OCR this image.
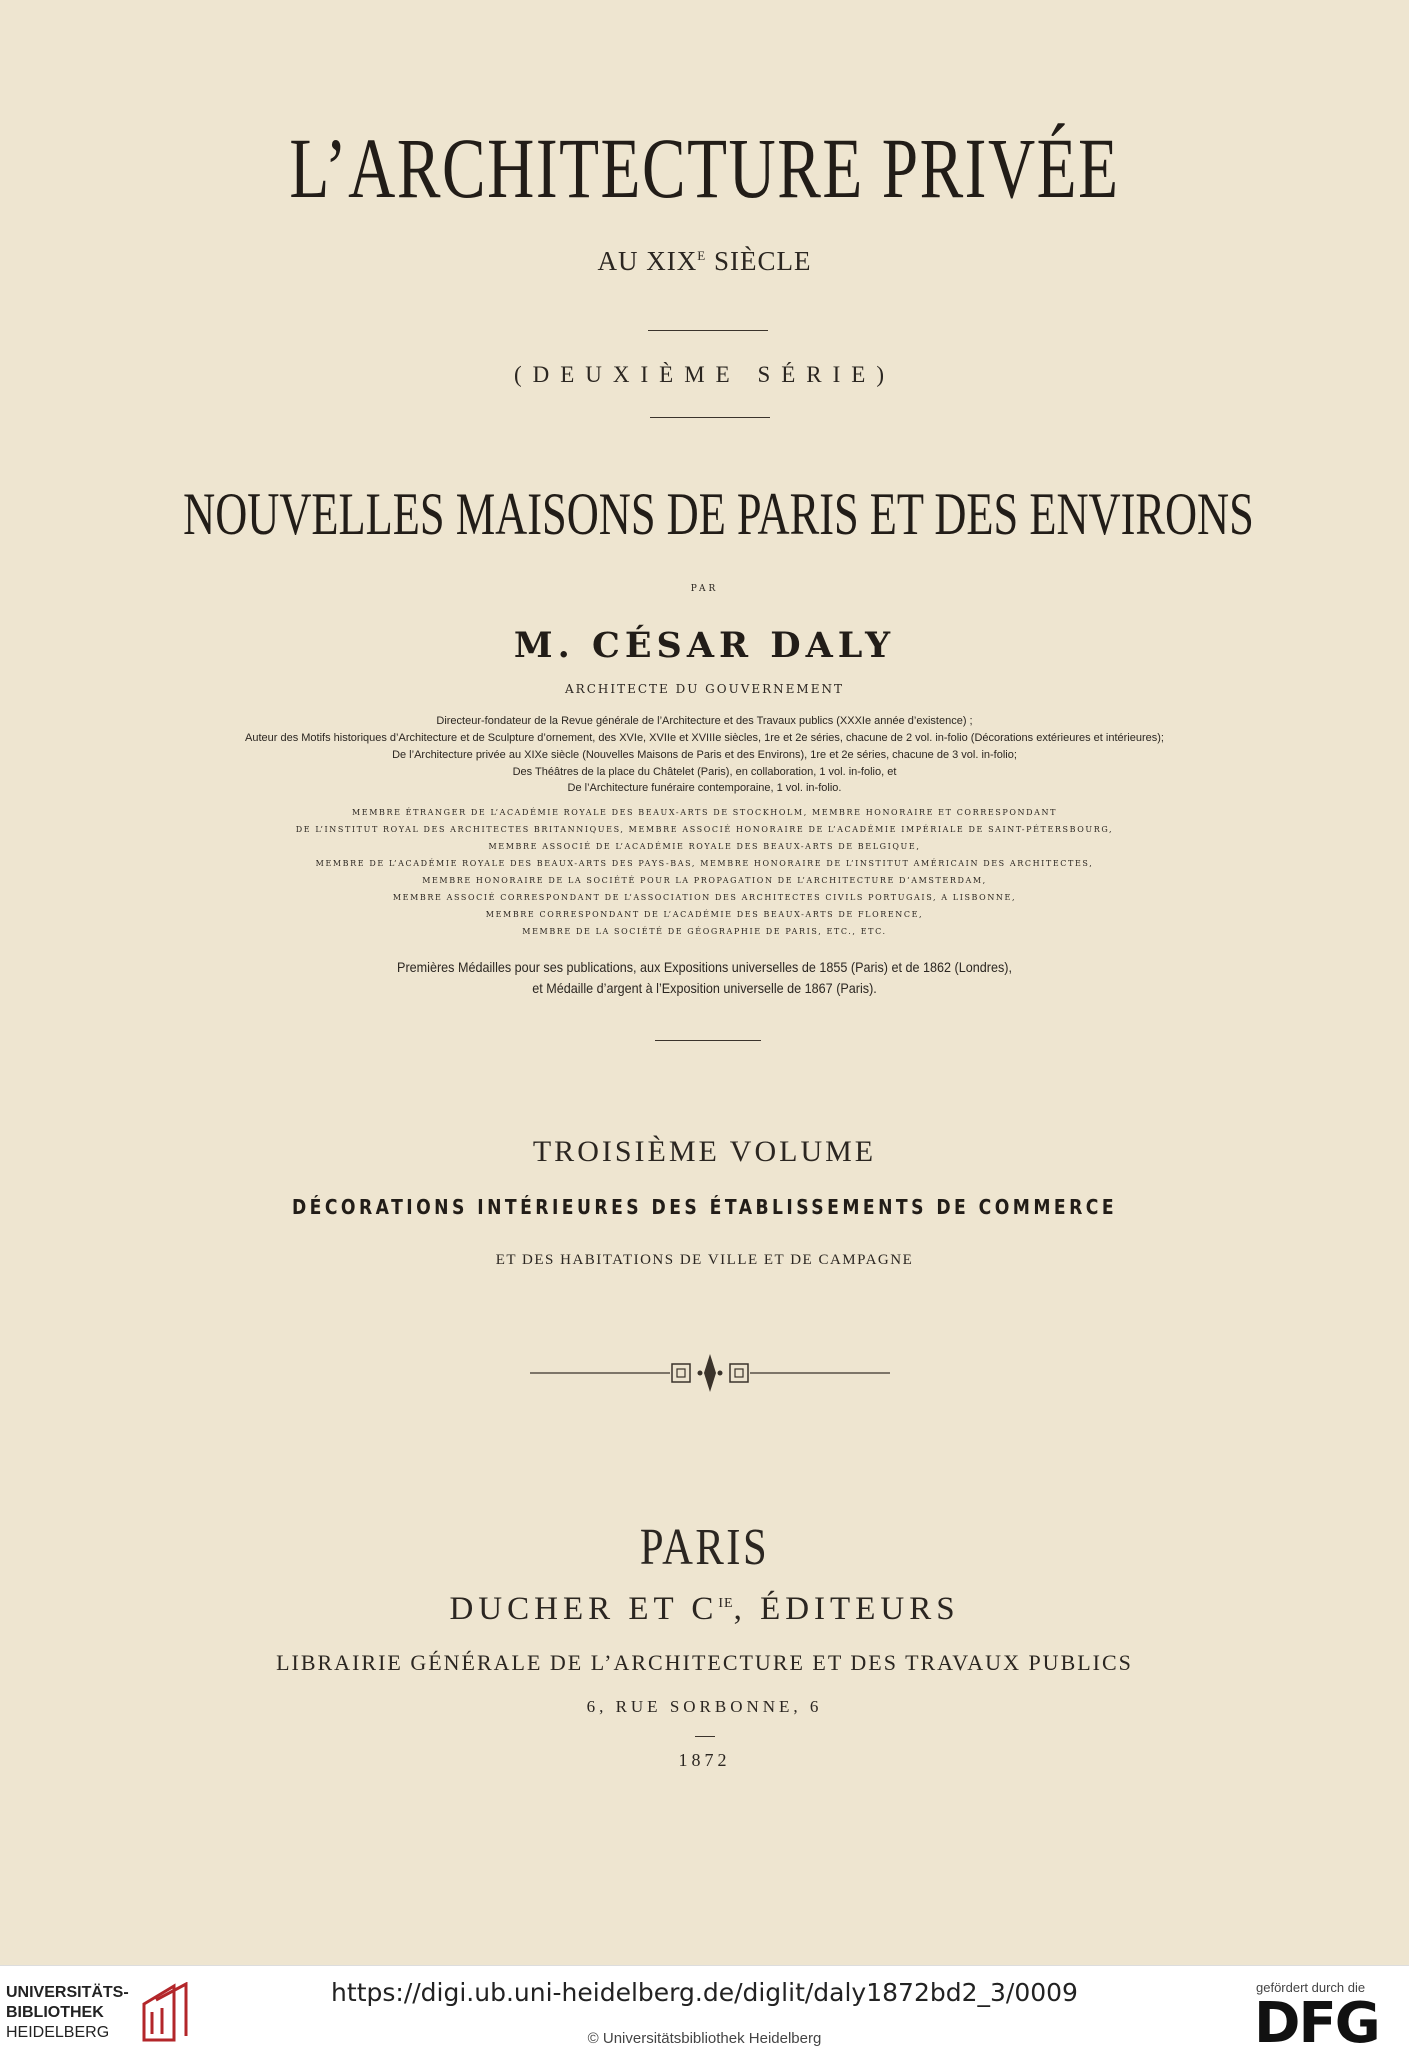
L’ARCHITECTURE PRIVÉE
AU $XIX^E$ SIÈCLE
(DEUXIÈME SÉRIE)
NOUVELLES MAISONS DE PARIS ET DES ENVIRONS
PAR
M. CÉSAR DALY
ARCHITECTE DU GOUVERNEMENT
Directeur-fondateur de la Revue générale de l’Architecture et des Travaux publics (XXXIe année d’existence) ;
Auteur des Motifs historiques d’Architecture et de Sculpture d’ornement, des XVIe, XVIIe et XVIIIe siècles, 1re et 2e séries, chacune de 2 vol. in-folio (Décorations extérieures et intérieures);
De l’Architecture privée au XIXe siècle (Nouvelles Maisons de Paris et des Environs), 1re et 2e séries, chacune de 3 vol. in-folio;
Des Théâtres de la place du Châtelet (Paris), en collaboration, 1 vol. in-folio, et
De l’Architecture funéraire contemporaine, 1 vol. in-folio.
MEMBRE ÉTRANGER DE L’ACADÉMIE ROYALE DES BEAUX-ARTS DE STOCKHOLM, MEMBRE HONORAIRE ET CORRESPONDANT
DE L’INSTITUT ROYAL DES ARCHITECTES BRITANNIQUES, MEMBRE ASSOCIÉ HONORAIRE DE L’ACADÉMIE IMPÉRIALE DE SAINT-PÉTERSBOURG,
MEMBRE ASSOCIÉ DE L’ACADÉMIE ROYALE DES BEAUX-ARTS DE BELGIQUE,
MEMBRE DE L’ACADÉMIE ROYALE DES BEAUX-ARTS DES PAYS-BAS, MEMBRE HONORAIRE DE L’INSTITUT AMÉRICAIN DES ARCHITECTES,
MEMBRE HONORAIRE DE LA SOCIÉTÉ POUR LA PROPAGATION DE L’ARCHITECTURE D’AMSTERDAM,
MEMBRE ASSOCIÉ CORRESPONDANT DE L’ASSOCIATION DES ARCHITECTES CIVILS PORTUGAIS, A LISBONNE,
MEMBRE CORRESPONDANT DE L’ACADÉMIE DES BEAUX-ARTS DE FLORENCE,
MEMBRE DE LA SOCIÉTÉ DE GÉOGRAPHIE DE PARIS, ETC., ETC.
Premières Médailles pour ses publications, aux Expositions universelles de 1855 (Paris) et de 1862 (Londres),
et Médaille d’argent à l’Exposition universelle de 1867 (Paris).
TROISIÈME VOLUME
DÉCORATIONS INTÉRIEURES DES ÉTABLISSEMENTS DE COMMERCE
ET DES HABITATIONS DE VILLE ET DE CAMPAGNE
PARIS
DUCHER ET $C^{IE}$, ÉDITEURS
LIBRAIRIE GÉNÉRALE DE L’ARCHITECTURE ET DES TRAVAUX PUBLICS
6, RUE SORBONNE, 6
1872
UNIVERSITÄTS-
BIBLIOTHEK
HEIDELBERG
https://digi.ub.uni-heidelberg.de/diglit/daly1872bd2_3/0009
© Universitätsbibliothek Heidelberg
gefördert durch die
DFG
